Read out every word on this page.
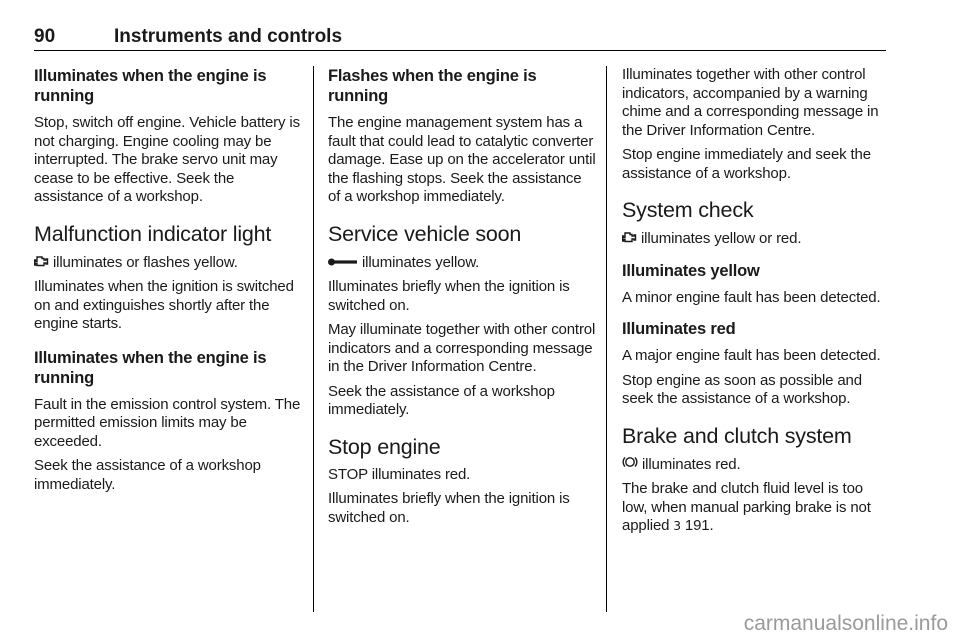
90	Instruments and controls
Illuminates when the engine is running

Stop, switch off engine. Vehicle battery is not charging. Engine cooling may be interrupted. The brake servo unit may cease to be effective. Seek the assistance of a workshop.

Malfunction indicator light

illuminates or flashes yellow.

Illuminates when the ignition is switched on and extinguishes shortly after the engine starts.

Illuminates when the engine is running

Fault in the emission control system. The permitted emission limits may be exceeded.

Seek the assistance of a workshop immediately.

Flashes when the engine is running

The engine management system has a fault that could lead to catalytic converter damage. Ease up on the accelerator until the flashing stops. Seek the assistance of a workshop immediately.

Service vehicle soon

illuminates yellow.

Illuminates briefly when the ignition is switched on.

May illuminate together with other control indicators and a corresponding message in the Driver Information Centre.

Seek the assistance of a workshop immediately.

Stop engine

STOP illuminates red.

Illuminates briefly when the ignition is switched on.

Illuminates together with other control indicators, accompanied by a warning chime and a corresponding message in the Driver Information Centre.

Stop engine immediately and seek the assistance of a workshop.

System check

illuminates yellow or red.

Illuminates yellow

A minor engine fault has been detected.

Illuminates red

A major engine fault has been detected.

Stop engine as soon as possible and seek the assistance of a workshop.

Brake and clutch system

illuminates red.

The brake and clutch fluid level is too low, when manual parking brake is not applied 3 191.

carmanualsonline.info
